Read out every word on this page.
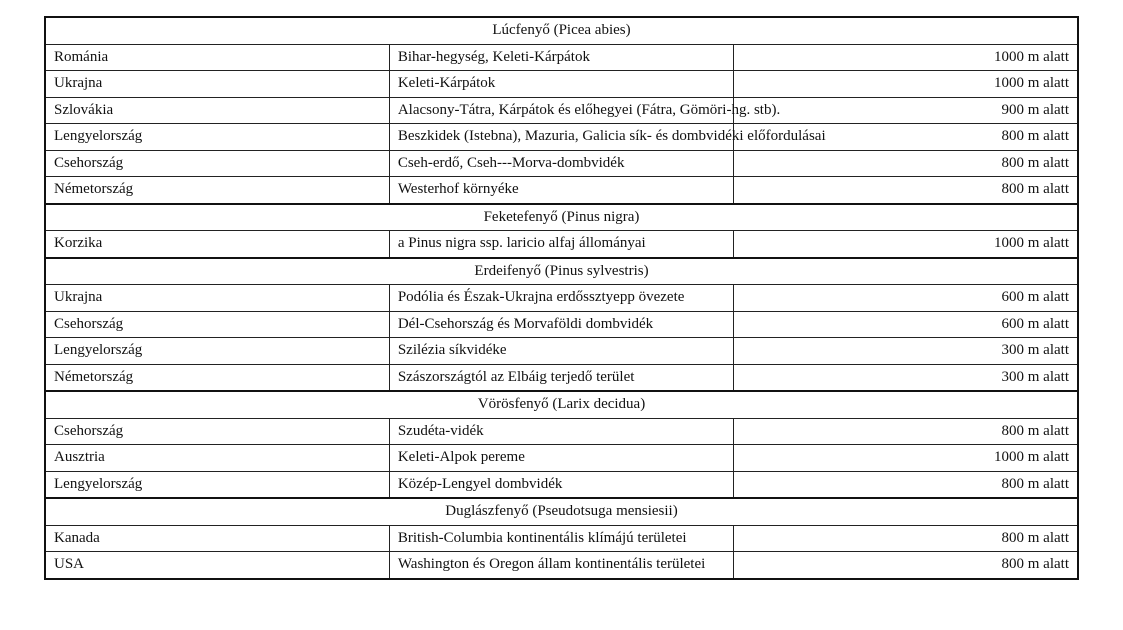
Lúcfenyő (Picea abies)		
Románia	Bihar-hegység, Keleti-Kárpátok	1000 m alatt
Ukrajna	Keleti-Kárpátok	1000 m alatt
Szlovákia	Alacsony-Tátra, Kárpátok és előhegyei (Fátra, Gömöri-hg. stb).	900 m alatt
Lengyelország	Beszkidek (Istebna), Mazuria, Galicia sík- és dombvidéki előfordulásai	800 m alatt
Csehország	Cseh-erdő, Cseh---Morva-dombvidék	800 m alatt
Németország	Westerhof környéke	800 m alatt
Feketefenyő (Pinus nigra)		
Korzika	a Pinus nigra ssp. laricio alfaj állományai	1000 m alatt
Erdeifenyő (Pinus sylvestris)		
Ukrajna	Podólia és Észak-Ukrajna erdőssztyepp övezete	600 m alatt
Csehország	Dél-Csehország és Morvaföldi dombvidék	600 m alatt
Lengyelország	Szilézia síkvidéke	300 m alatt
Németország	Szászországtól az Elbáig terjedő terület	300 m alatt
Vörösfenyő (Larix decidua)		
Csehország	Szudéta-vidék	800 m alatt
Ausztria	Keleti-Alpok pereme	1000 m alatt
Lengyelország	Közép-Lengyel dombvidék	800 m alatt
Duglászfenyő (Pseudotsuga mensiesii)		
Kanada	British-Columbia kontinentális klímájú területei	800 m alatt
USA	Washington és Oregon állam kontinentális területei	800 m alatt
